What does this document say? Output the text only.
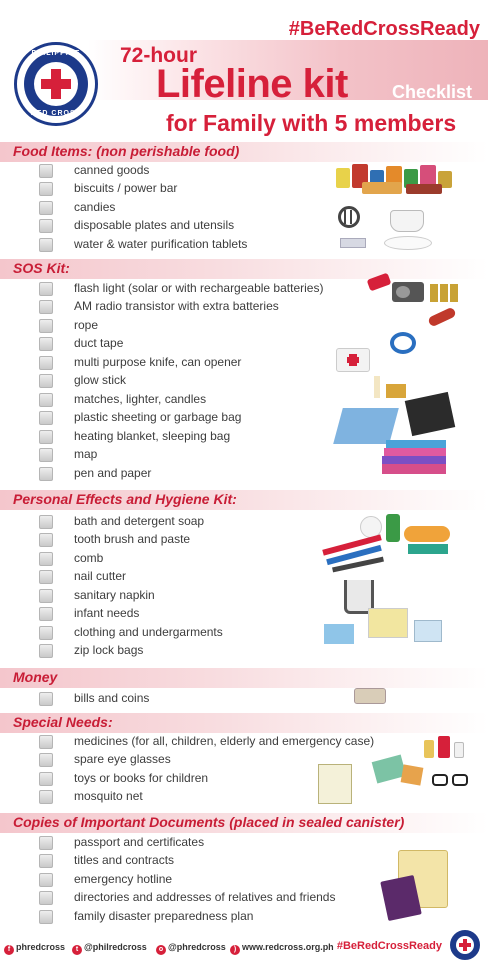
#BeRedCrossReady
PHILIPPINE
RED CROSS
72-hour
Lifeline kit Checklist
for Family with 5 members
Food Items: (non perishable food)
canned goods
biscuits / power bar
candies
disposable plates and utensils
water & water purification tablets
SOS Kit:
flash light (solar or with rechargeable batteries)
AM radio transistor with extra batteries
rope
duct tape
multi purpose knife, can opener
glow stick
matches, lighter, candles
plastic sheeting or garbage bag
heating blanket, sleeping bag
map
pen and paper
Personal Effects and Hygiene Kit:
bath and detergent soap
tooth brush and paste
comb
nail cutter
sanitary napkin
infant needs
clothing and undergarments
zip lock bags
Money
bills and coins
Special Needs:
medicines (for all, children, elderly and emergency case)
spare eye glasses
toys or books for children
mosquito net
Copies of Important Documents (placed in sealed canister)
passport and certificates
titles and contracts
emergency hotline
directories and addresses of relatives and friends
family disaster preparedness plan
f phredcross	t @philredcross	o @phredcross	) www.redcross.org.ph #BeRedCrossReady
